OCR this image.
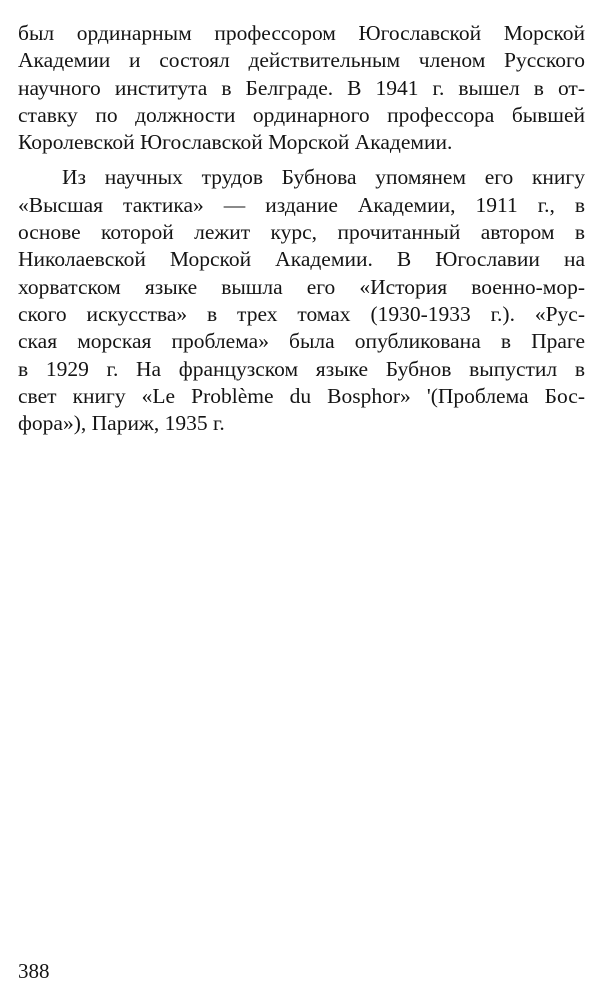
был ординарным профессором Югославской Морской
Академии и состоял действительным членом Русского
научного института в Белграде. В 1941 г. вышел в от-
ставку по должности ординарного профессора бывшей
Королевской Югославской Морской Академии.
Из научных трудов Бубнова упомянем его книгу
«Высшая тактика» — издание Академии, 1911 г., в
основе которой лежит курс, прочитанный автором в
Николаевской Морской Академии. В Югославии на
хорватском языке вышла его «История военно-мор-
ского искусства» в трех томах (1930-1933 г.). «Рус-
ская морская проблема» была опубликована в Праге
в 1929 г. На французском языке Бубнов выпустил в
свет книгу «Le Problème du Bosphor» '(Проблема Бос-
фора»), Париж, 1935 г.
388
